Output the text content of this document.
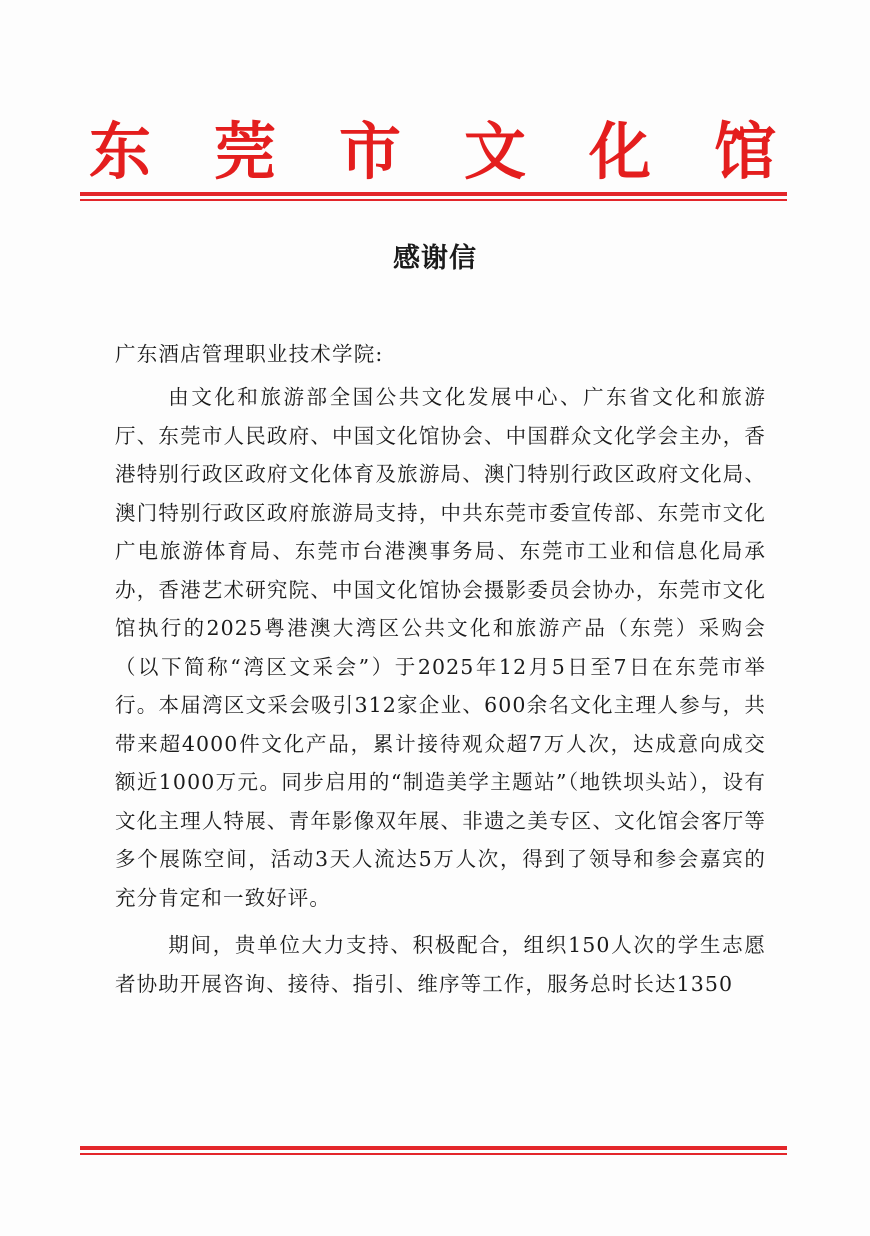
东 莞 市 文 化 馆
感谢信
广东酒店管理职业技术学院:

由文化和旅游部全国公共文化发展中心、广东省文化和旅游厅、东莞市人民政府、中国文化馆协会、中国群众文化学会主办，香港特别行政区政府文化体育及旅游局、澳门特别行政区政府文化局、澳门特别行政区政府旅游局支持，中共东莞市委宣传部、东莞市文化广电旅游体育局、东莞市台港澳事务局、东莞市工业和信息化局承办，香港艺术研究院、中国文化馆协会摄影委员会协办，东莞市文化馆执行的2025粤港澳大湾区公共文化和旅游产品（东莞）采购会（以下简称“湾区文采会”）于2025年12月5日至7日在东莞市举行。本届湾区文采会吸引312家企业、600余名文化主理人参与，共带来超4000件文化产品，累计接待观众超7万人次，达成意向成交额近1000万元。同步启用的“制造美学主题站”（地铁坝头站），设有文化主理人特展、青年影像双年展、非遗之美专区、文化馆会客厅等多个展陈空间，活动3天人流达5万人次，得到了领导和参会嘉宾的充分肯定和一致好评。

期间，贵单位大力支持、积极配合，组织150人次的学生志愿者协助开展咨询、接待、指引、维序等工作，服务总时长达1350
